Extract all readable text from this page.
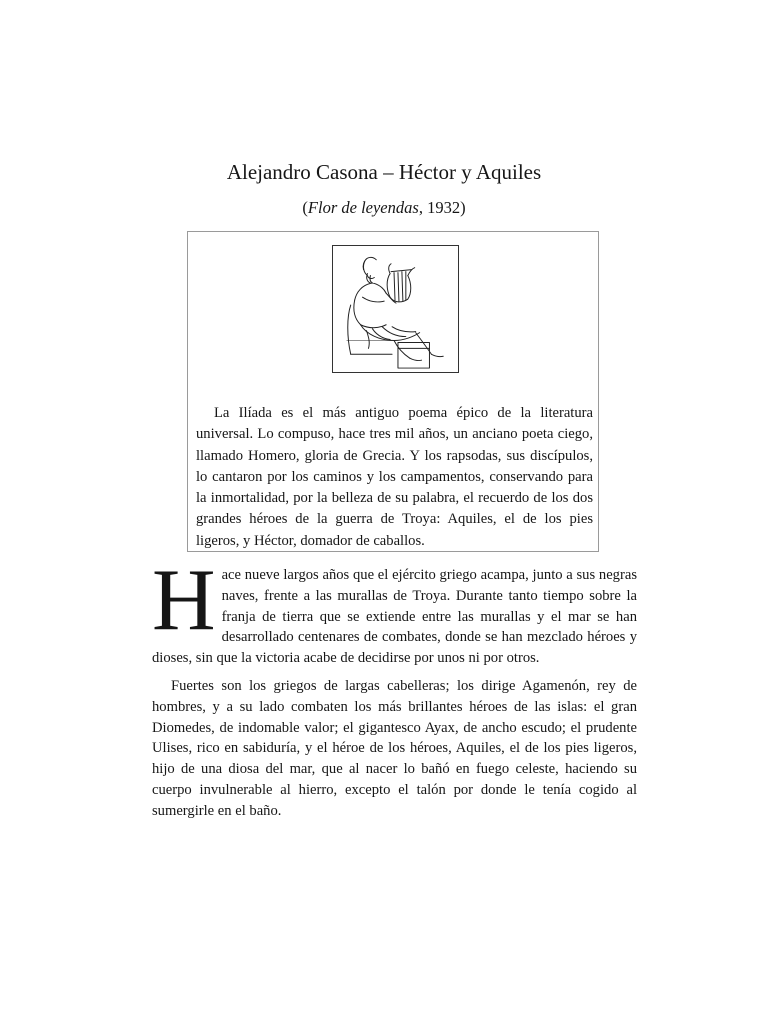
Alejandro Casona – Héctor y Aquiles
(Flor de leyendas, 1932)

La Ilíada es el más antiguo poema épico de la literatura universal. Lo compuso, hace tres mil años, un anciano poeta ciego, llamado Homero, gloria de Grecia. Y los rapsodas, sus discípulos, lo cantaron por los caminos y los campamentos, conservando para la inmortalidad, por la belleza de su palabra, el recuerdo de los dos grandes héroes de la guerra de Troya: Aquiles, el de los pies ligeros, y Héctor, domador de caballos.

Hace nueve largos años que el ejército griego acampa, junto a sus negras naves, frente a las murallas de Troya. Durante tanto tiempo sobre la franja de tierra que se extiende entre las murallas y el mar se han desarrollado centenares de combates, donde se han mezclado héroes y dioses, sin que la victoria acabe de decidirse por unos ni por otros.

Fuertes son los griegos de largas cabelleras; los dirige Agamenón, rey de hombres, y a su lado combaten los más brillantes héroes de las islas: el gran Diomedes, de indomable valor; el gigantesco Ayax, de ancho escudo; el prudente Ulises, rico en sabiduría, y el héroe de los héroes, Aquiles, el de los pies ligeros, hijo de una diosa del mar, que al nacer lo bañó en fuego celeste, haciendo su cuerpo invulnerable al hierro, excepto el talón por donde le tenía cogido al sumergirle en el baño.
